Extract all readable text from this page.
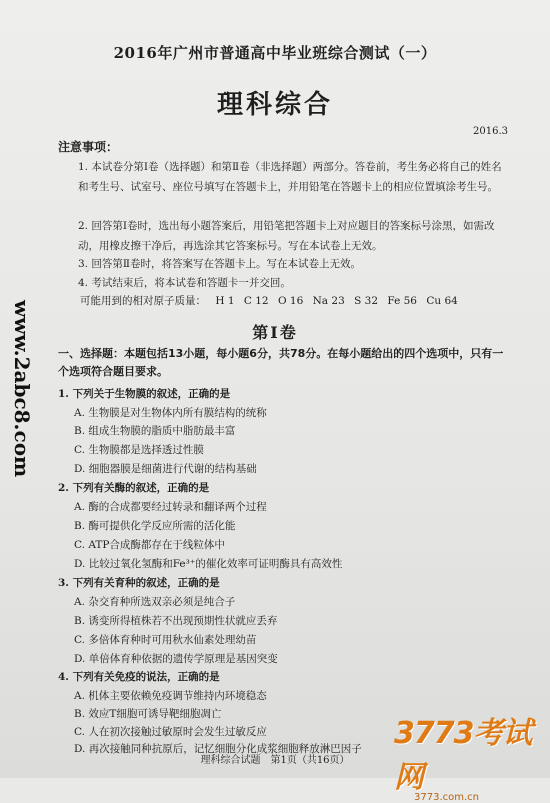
2016年广州市普通高中毕业班综合测试（一）
理科综合
2016.3
注意事项：
1. 本试卷分第Ⅰ卷（选择题）和第Ⅱ卷（非选择题）两部分。答卷前，考生务必将自己的姓名和考生号、试室号、座位号填写在答题卡上，并用铅笔在答题卡上的相应位置填涂考生号。
2. 回答第Ⅰ卷时，选出每小题答案后，用铅笔把答题卡上对应题目的答案标号涂黑，如需改动，用橡皮擦干净后，再选涂其它答案标号。写在本试卷上无效。
3. 回答第Ⅱ卷时，将答案写在答题卡上。写在本试卷上无效。
4. 考试结束后，将本试卷和答题卡一并交回。
可能用到的相对原子质量： H 1 C 12 O 16 Na 23 S 32 Fe 56 Cu 64
第Ⅰ卷
一、选择题：本题包括13小题，每小题6分，共78分。在每小题给出的四个选项中，只有一个选项符合题目要求。
1. 下列关于生物膜的叙述，正确的是
A. 生物膜是对生物体内所有膜结构的统称
B. 组成生物膜的脂质中脂肪最丰富
C. 生物膜都是选择透过性膜
D. 细胞器膜是细菌进行代谢的结构基础
2. 下列有关酶的叙述，正确的是
A. 酶的合成都要经过转录和翻译两个过程
B. 酶可提供化学反应所需的活化能
C. ATP合成酶都存在于线粒体中
D. 比较过氧化氢酶和Fe³⁺的催化效率可证明酶具有高效性
3. 下列有关育种的叙述，正确的是
A. 杂交育种所选双亲必须是纯合子
B. 诱变所得植株若不出现预期性状就应丢弃
C. 多倍体育种时可用秋水仙素处理幼苗
D. 单倍体育种依据的遗传学原理是基因突变
4. 下列有关免疫的说法，正确的是
A. 机体主要依赖免疫调节维持内环境稳态
B. 效应T细胞可诱导靶细胞凋亡
C. 人在初次接触过敏原时会发生过敏反应
D. 再次接触同种抗原后，记忆细胞分化成浆细胞释放淋巴因子
www.2abc8.com
理科综合试题　第1页（共16页）
3773考试网
3773.com.cn
